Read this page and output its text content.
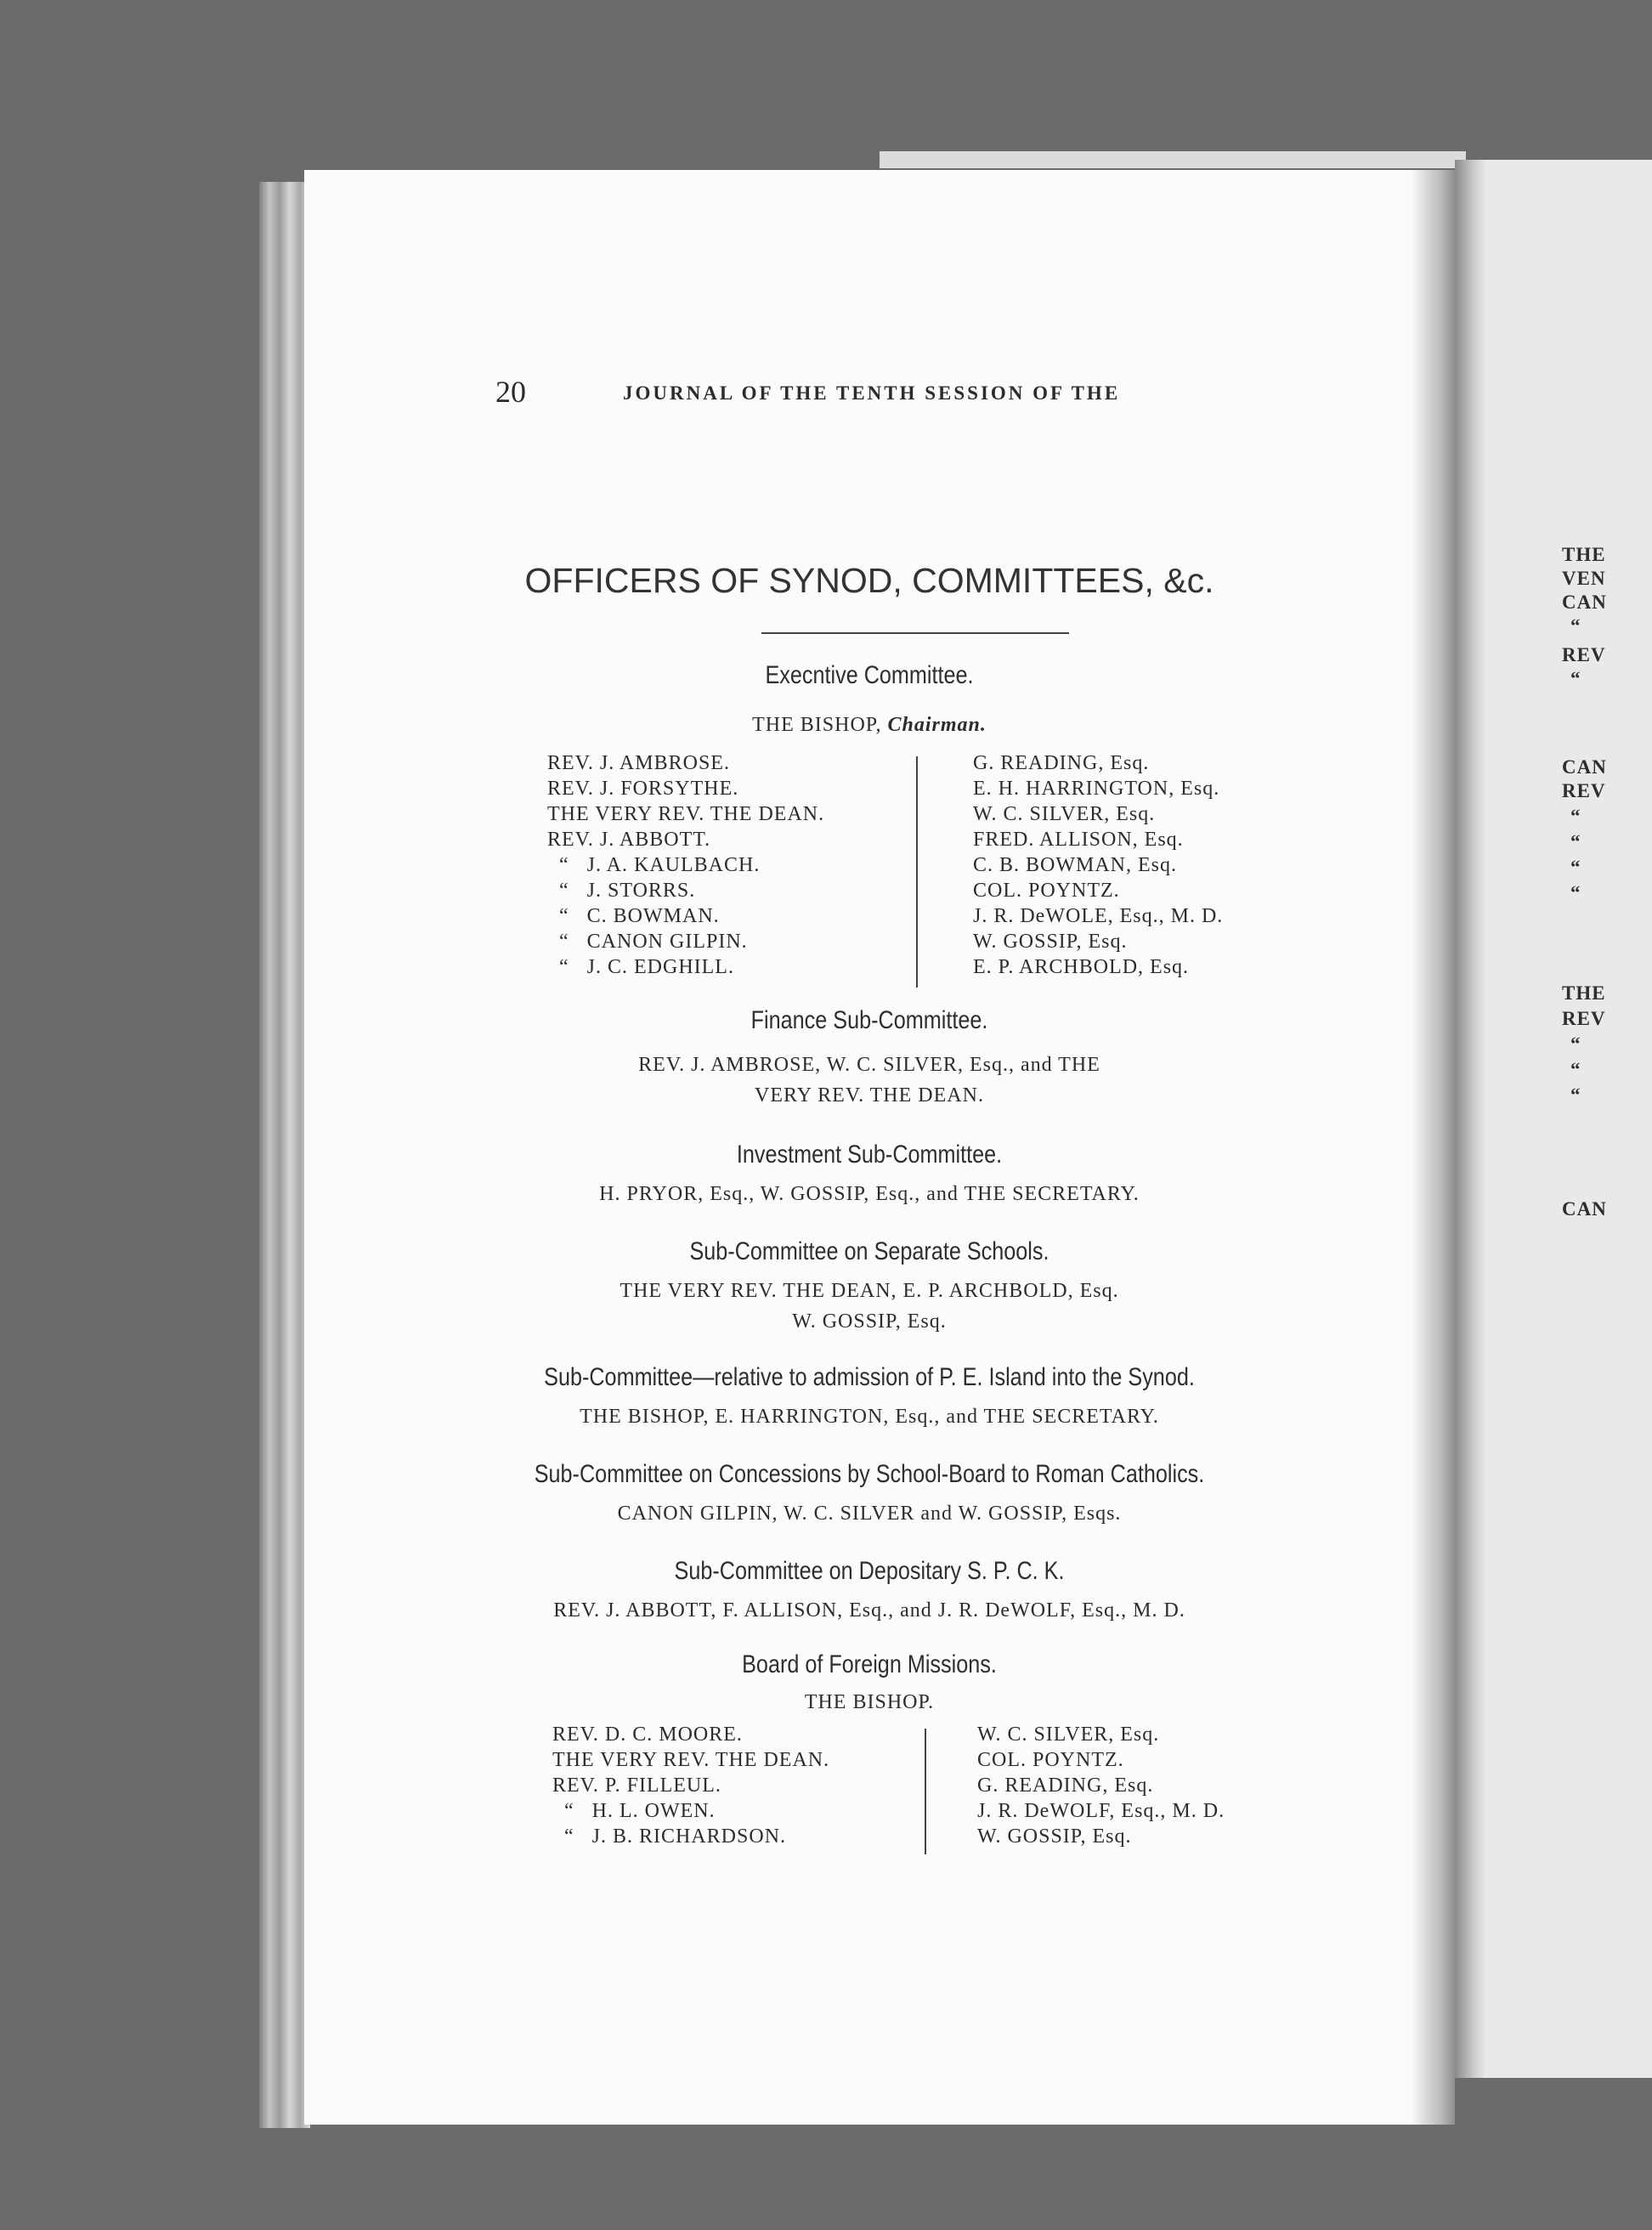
THE
VEN
CAN
“
REV
“
CAN
REV
“
“
“
“
THE
REV
“
“
“
CAN
20	JOURNAL OF THE TENTH SESSION OF THE
OFFICERS OF SYNOD, COMMITTEES, &c.
Execntive Committee.
THE BISHOP, Chairman.
REV. J. AMBROSE.
REV. J. FORSYTHE.
THE VERY REV. THE DEAN.
REV. J. ABBOTT.
“   J. A. KAULBACH.
“   J. STORRS.
“   C. BOWMAN.
“   CANON GILPIN.
“   J. C. EDGHILL.
G. READING, Esq.
E. H. HARRINGTON, Esq.
W. C. SILVER, Esq.
FRED. ALLISON, Esq.
C. B. BOWMAN, Esq.
COL. POYNTZ.
J. R. DeWOLE, Esq., M. D.
W. GOSSIP, Esq.
E. P. ARCHBOLD, Esq.
Finance Sub-Committee.
REV. J. AMBROSE, W. C. SILVER, Esq., and THE
VERY REV. THE DEAN.
Investment Sub-Committee.
H. PRYOR, Esq., W. GOSSIP, Esq., and THE SECRETARY.
Sub-Committee on Separate Schools.
THE VERY REV. THE DEAN, E. P. ARCHBOLD, Esq.
W. GOSSIP, Esq.
Sub-Committee—relative to admission of P. E. Island into the Synod.
THE BISHOP, E. HARRINGTON, Esq., and THE SECRETARY.
Sub-Committee on Concessions by School-Board to Roman Catholics.
CANON GILPIN, W. C. SILVER and W. GOSSIP, Esqs.
Sub-Committee on Depositary S. P. C. K.
REV. J. ABBOTT, F. ALLISON, Esq., and J. R. DeWOLF, Esq., M. D.
Board of Foreign Missions.
THE BISHOP.
REV. D. C. MOORE.
THE VERY REV. THE DEAN.
REV. P. FILLEUL.
“   H. L. OWEN.
“   J. B. RICHARDSON.
W. C. SILVER, Esq.
COL. POYNTZ.
G. READING, Esq.
J. R. DeWOLF, Esq., M. D.
W. GOSSIP, Esq.
